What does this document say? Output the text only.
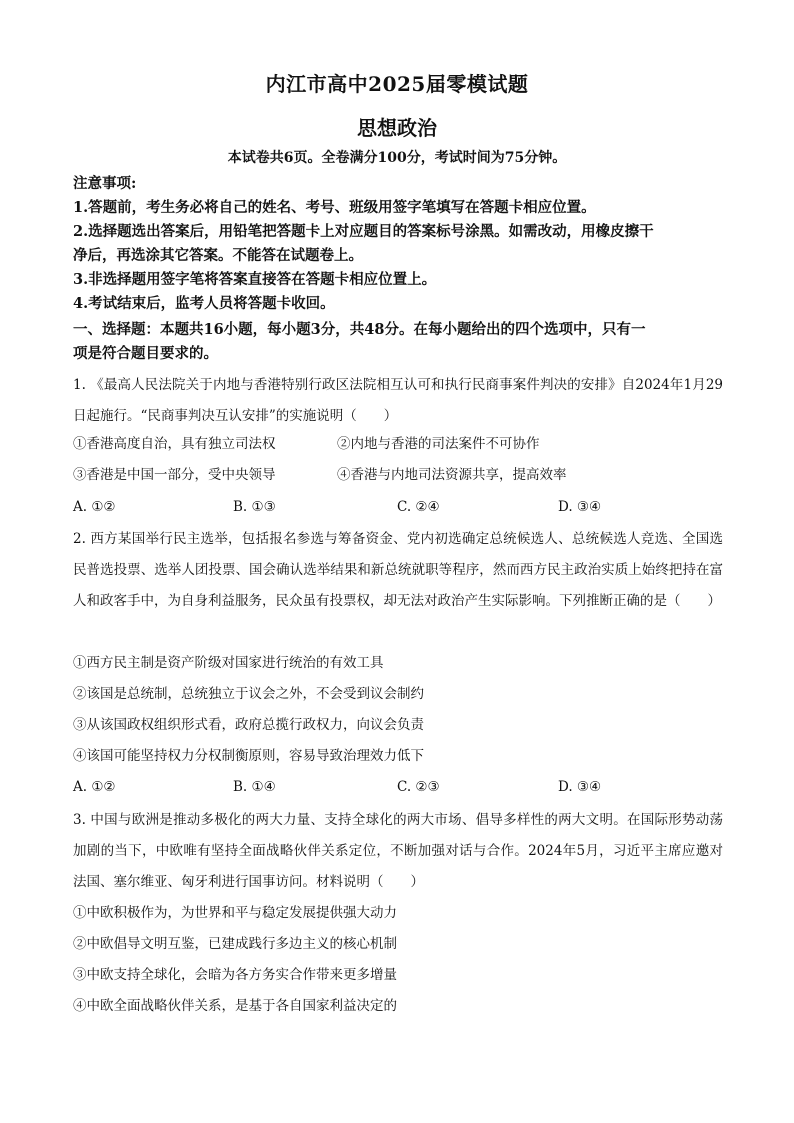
内江市高中2025届零模试题
思想政治
本试卷共6页。全卷满分100分，考试时间为75分钟。
注意事项:
1.答题前，考生务必将自己的姓名、考号、班级用签字笔填写在答题卡相应位置。
2.选择题选出答案后，用铅笔把答题卡上对应题目的答案标号涂黑。如需改动，用橡皮擦干
净后，再选涂其它答案。不能答在试题卷上。
3.非选择题用签字笔将答案直接答在答题卡相应位置上。
4.考试结束后，监考人员将答题卡收回。
一、选择题：本题共16小题，每小题3分，共48分。在每小题给出的四个选项中，只有一
项是符合题目要求的。
1. 《最高人民法院关于内地与香港特别行政区法院相互认可和执行民商事案件判决的安排》自2024年1月29日起施行。“民商事判决互认安排”的实施说明（　　）
①香港高度自治，具有独立司法权	②内地与香港的司法案件不可协作
③香港是中国一部分，受中央领导	④香港与内地司法资源共享，提高效率
A. ①②	B. ①③	C. ②④	D. ③④
2. 西方某国举行民主选举，包括报名参选与筹备资金、党内初选确定总统候选人、总统候选人竞选、全国选民普选投票、选举人团投票、国会确认选举结果和新总统就职等程序，然而西方民主政治实质上始终把持在富人和政客手中，为自身利益服务，民众虽有投票权，却无法对政治产生实际影响。下列推断正确的是（　　）
①西方民主制是资产阶级对国家进行统治的有效工具
②该国是总统制，总统独立于议会之外，不会受到议会制约
③从该国政权组织形式看，政府总揽行政权力，向议会负责
④该国可能坚持权力分权制衡原则，容易导致治理效力低下
A. ①②	B. ①④	C. ②③	D. ③④
3. 中国与欧洲是推动多极化的两大力量、支持全球化的两大市场、倡导多样性的两大文明。在国际形势动荡加剧的当下，中欧唯有坚持全面战略伙伴关系定位，不断加强对话与合作。2024年5月，习近平主席应邀对法国、塞尔维亚、匈牙利进行国事访问。材料说明（　　）
①中欧积极作为，为世界和平与稳定发展提供强大动力
②中欧倡导文明互鉴，已建成践行多边主义的核心机制
③中欧支持全球化，会暗为各方务实合作带来更多增量
④中欧全面战略伙伴关系，是基于各自国家利益决定的
